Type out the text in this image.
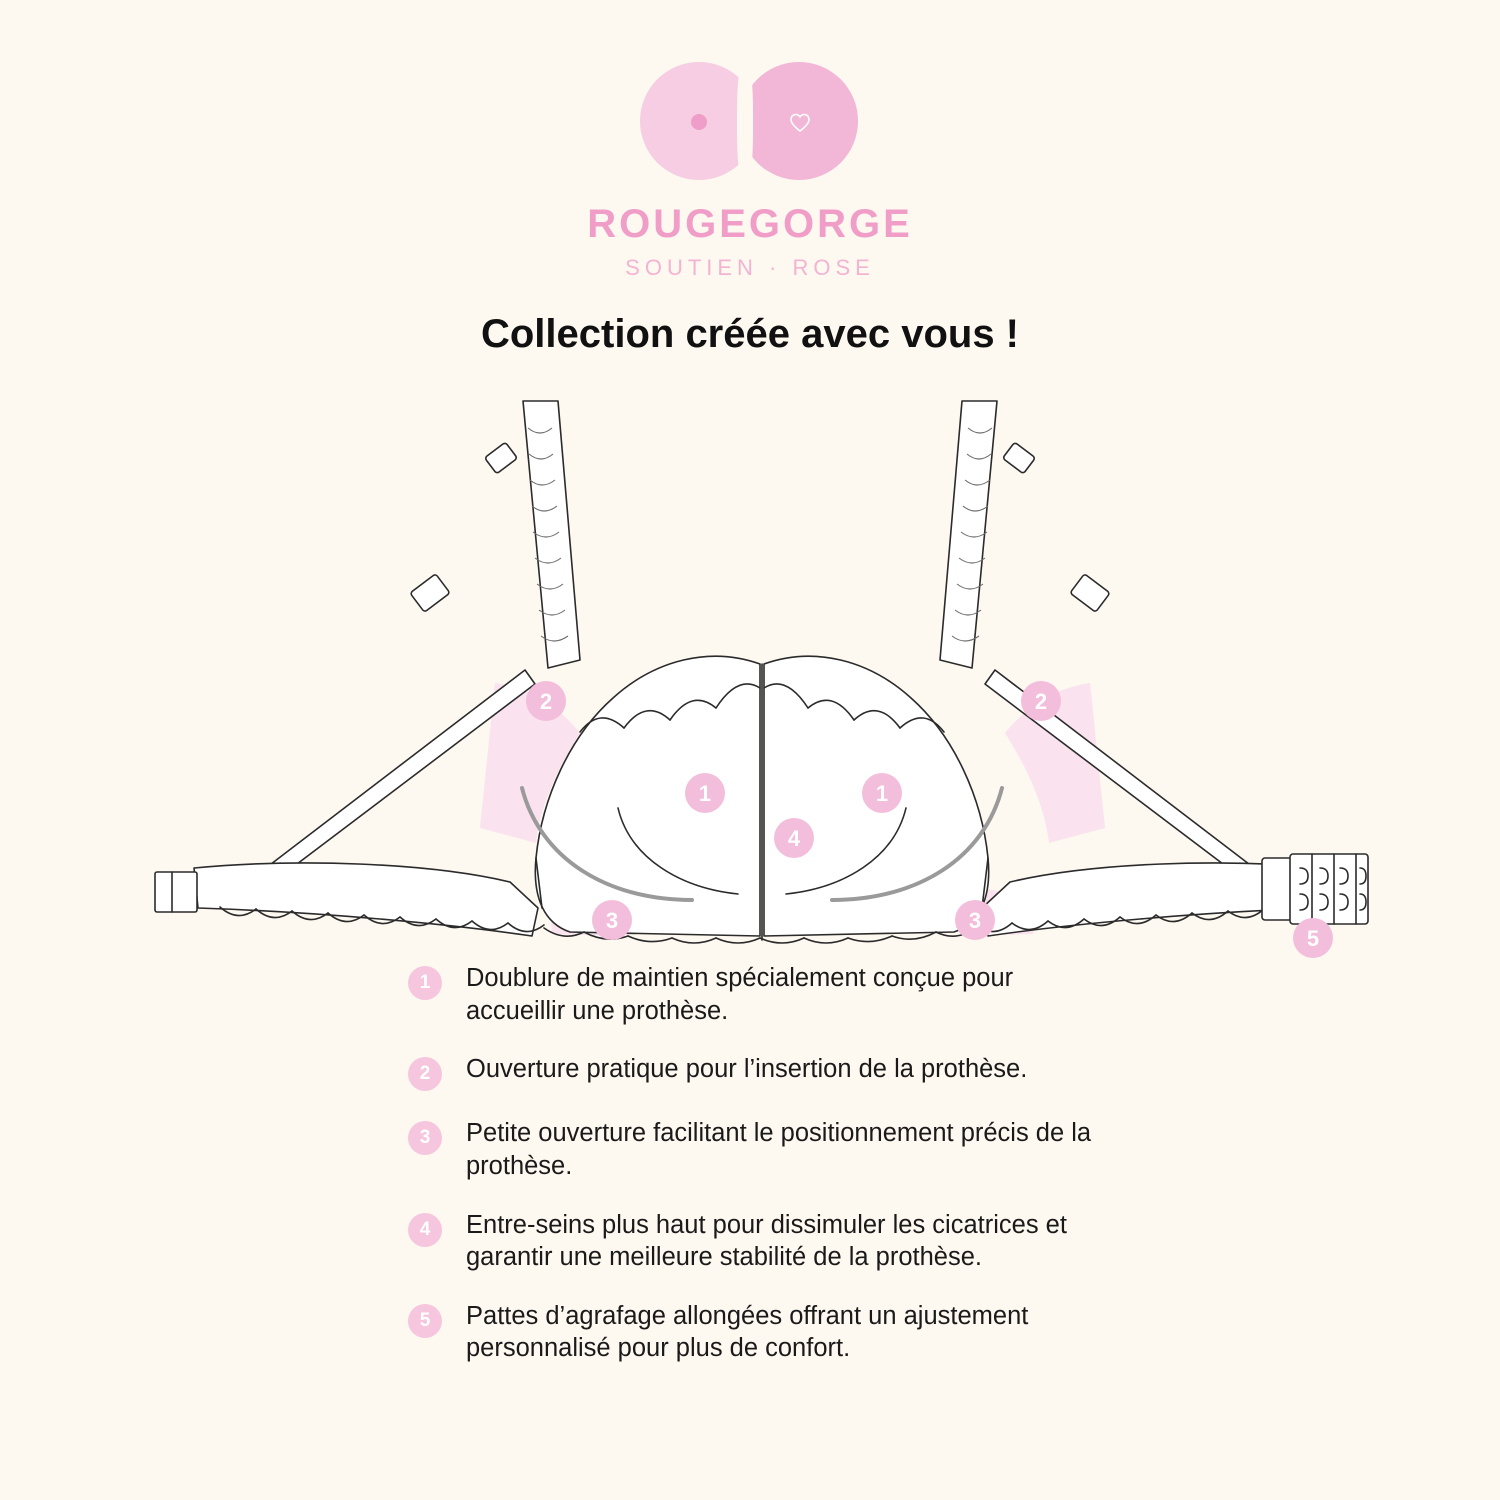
ROUGEGORGE
SOUTIEN · ROSE
Collection créée avec vous !
1	1
2	2
3	3
4
5
1	Doublure de maintien spécialement conçue pour accueillir une prothèse.
2	Ouverture pratique pour l’insertion de la prothèse.
3	Petite ouverture facilitant le positionnement précis de la prothèse.
4	Entre-seins plus haut pour dissimuler les cicatrices et garantir une meilleure stabilité de la prothèse.
5	Pattes d’agrafage allongées offrant un ajustement personnalisé pour plus de confort.
